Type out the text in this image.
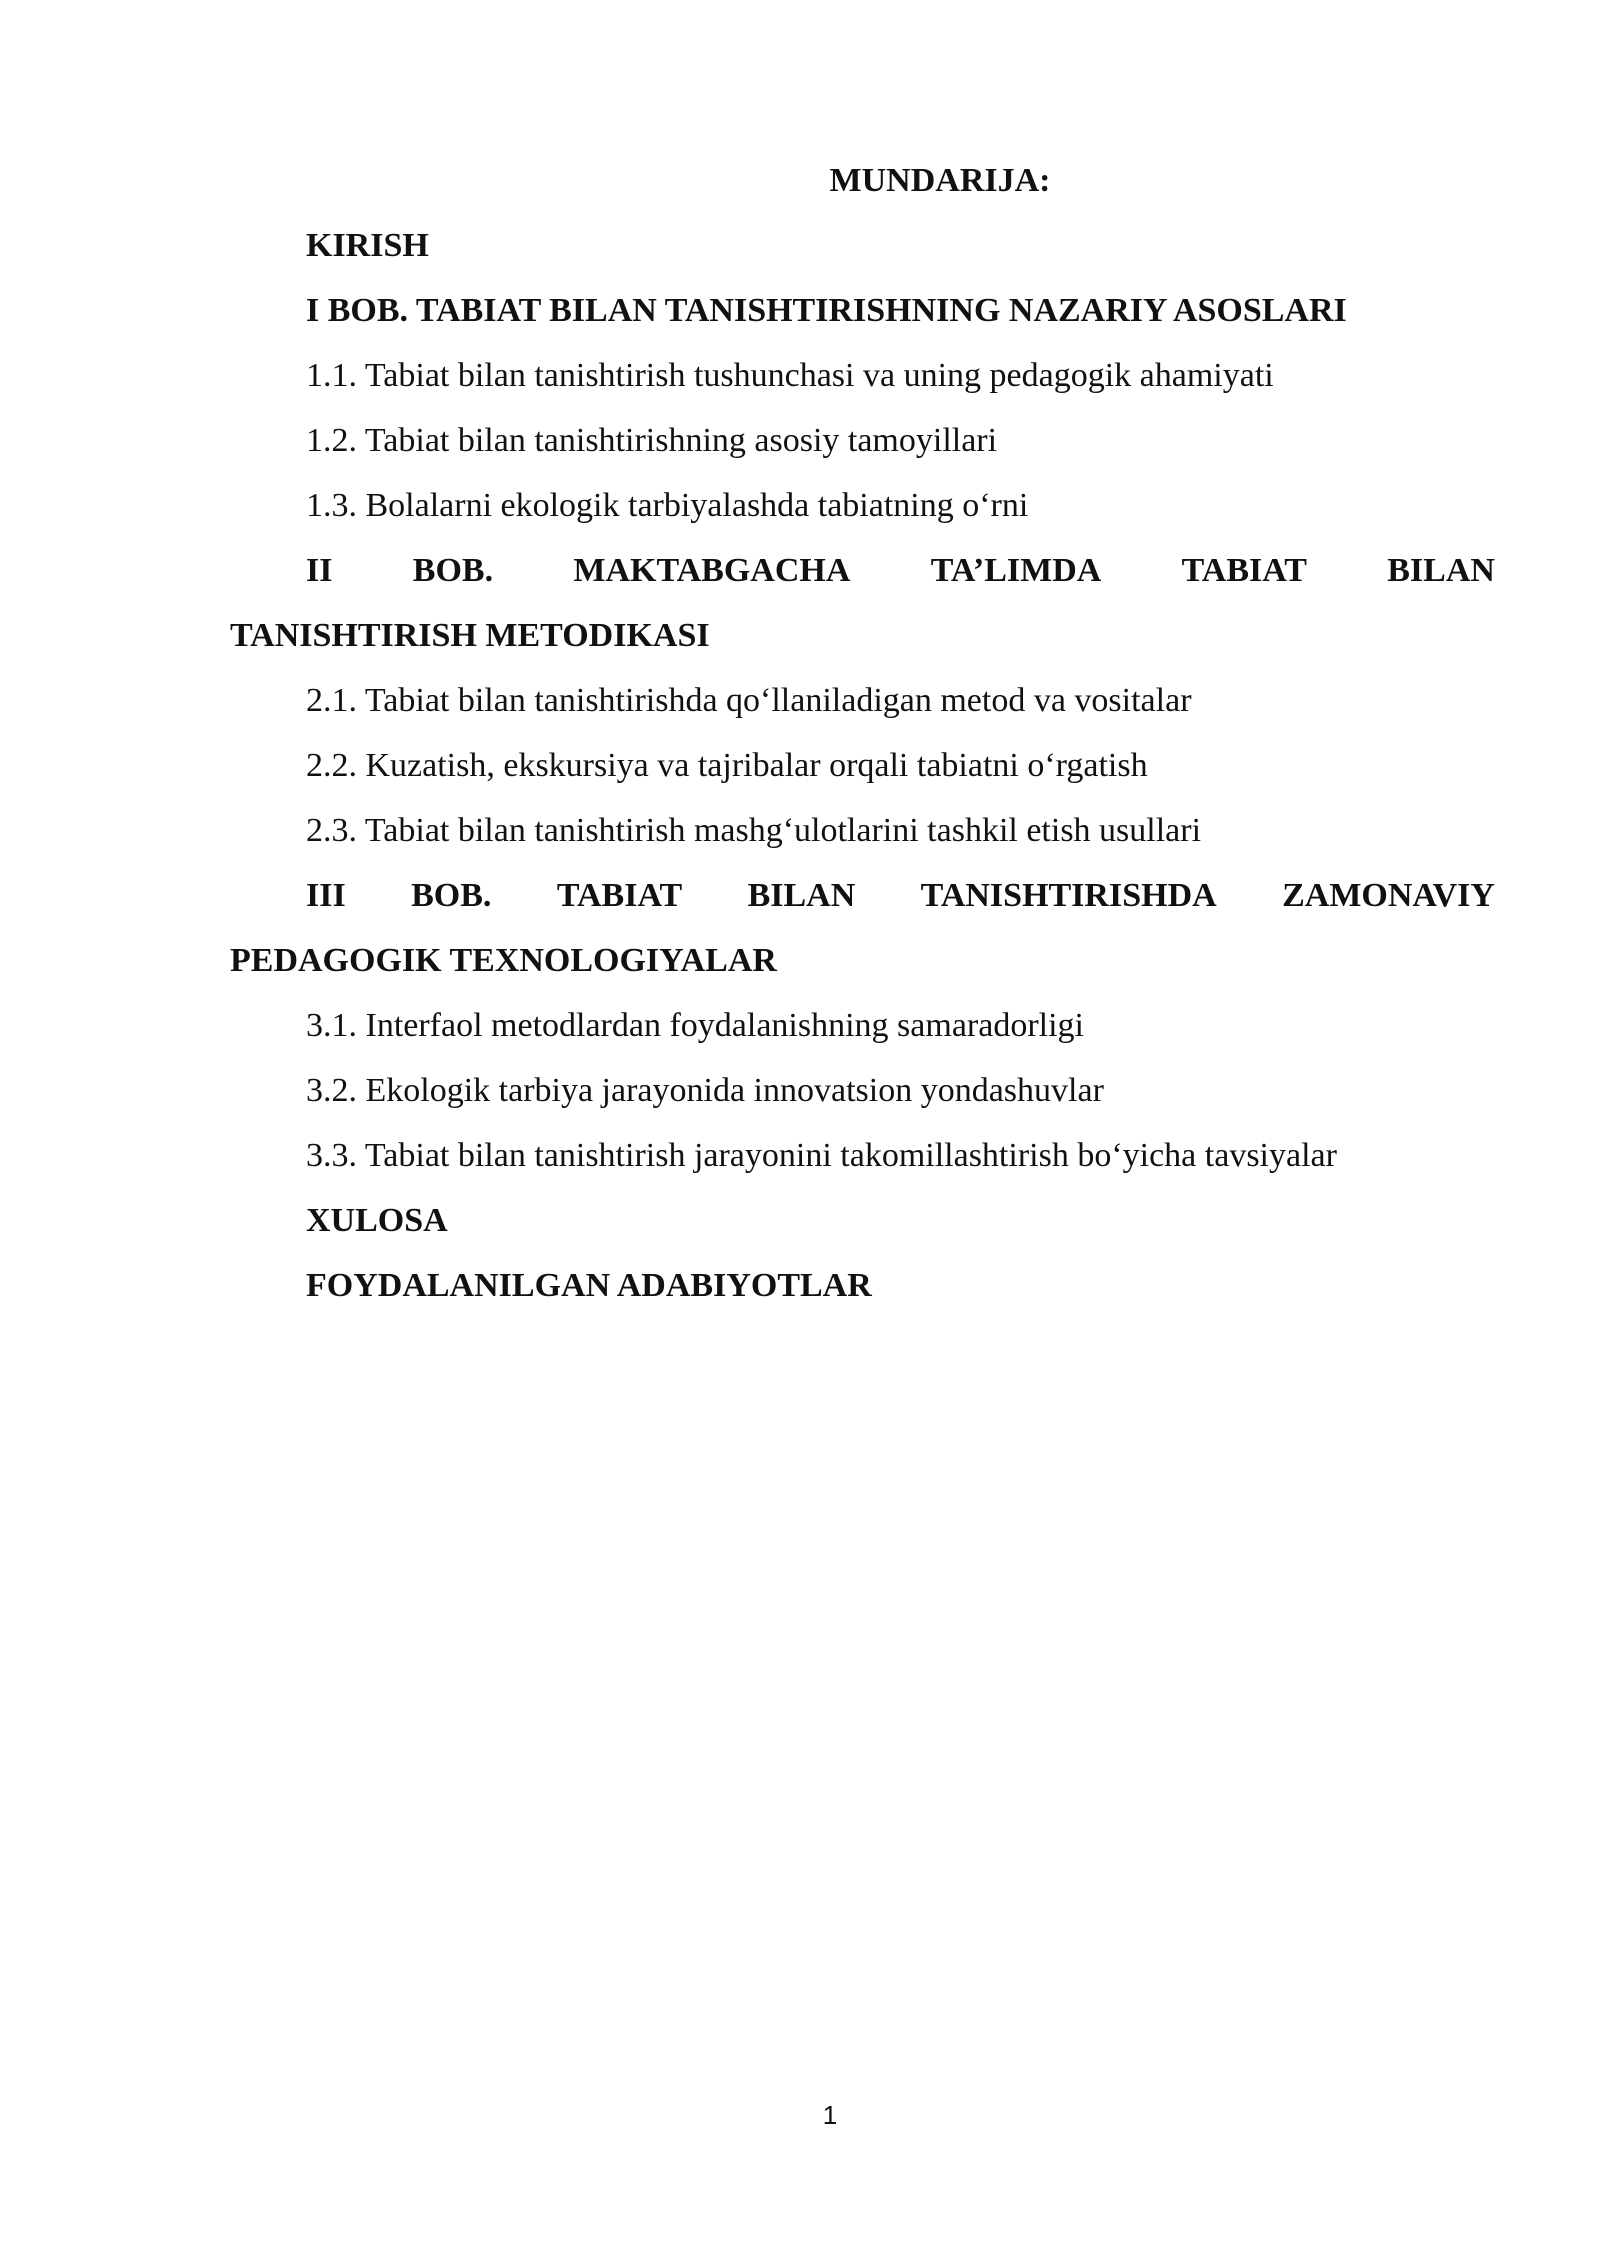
MUNDARIJA:
KIRISH
I BOB. TABIAT BILAN TANISHTIRISHNING NAZARIY ASOSLARI
1.1. Tabiat bilan tanishtirish tushunchasi va uning pedagogik ahamiyati
1.2. Tabiat bilan tanishtirishning asosiy tamoyillari
1.3. Bolalarni ekologik tarbiyalashda tabiatning o‘rni
II BOB. MAKTABGACHA TA’LIMDA TABIAT BILAN
TANISHTIRISH METODIKASI
2.1. Tabiat bilan tanishtirishda qo‘llaniladigan metod va vositalar
2.2. Kuzatish, ekskursiya va tajribalar orqali tabiatni o‘rgatish
2.3. Tabiat bilan tanishtirish mashg‘ulotlarini tashkil etish usullari
III BOB. TABIAT BILAN TANISHTIRISHDA ZAMONAVIY
PEDAGOGIK TEXNOLOGIYALAR
3.1. Interfaol metodlardan foydalanishning samaradorligi
3.2. Ekologik tarbiya jarayonida innovatsion yondashuvlar
3.3. Tabiat bilan tanishtirish jarayonini takomillashtirish bo‘yicha tavsiyalar
XULOSA
FOYDALANILGAN ADABIYOTLAR
1
